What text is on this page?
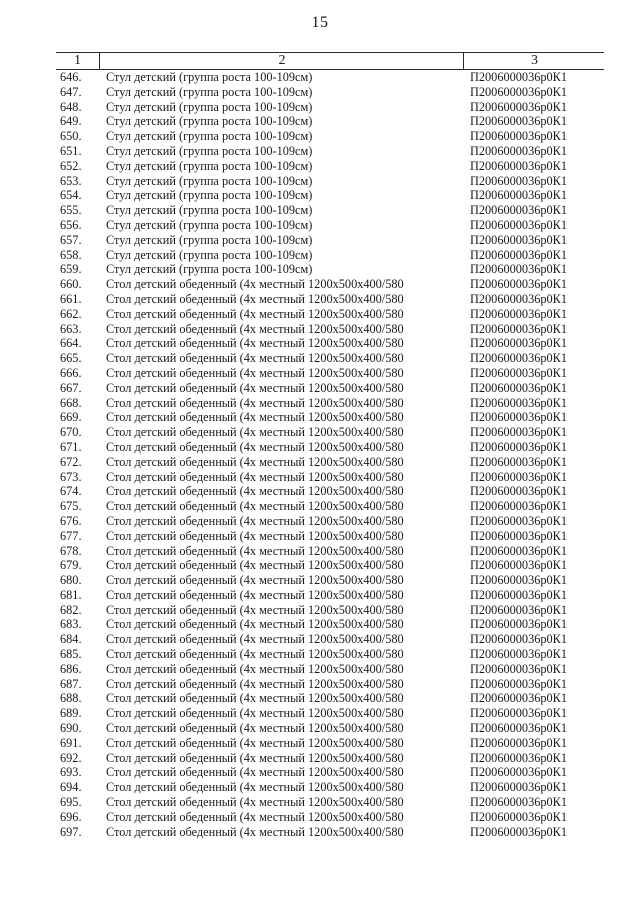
15
1	2	3
646.	Стул детский (группа роста 100-109см)	П2006000036р0К1
647.	Стул детский (группа роста 100-109см)	П2006000036р0К1
648.	Стул детский (группа роста 100-109см)	П2006000036р0К1
649.	Стул детский (группа роста 100-109см)	П2006000036р0К1
650.	Стул детский (группа роста 100-109см)	П2006000036р0К1
651.	Стул детский (группа роста 100-109см)	П2006000036р0К1
652.	Стул детский (группа роста 100-109см)	П2006000036р0К1
653.	Стул детский (группа роста 100-109см)	П2006000036р0К1
654.	Стул детский (группа роста 100-109см)	П2006000036р0К1
655.	Стул детский (группа роста 100-109см)	П2006000036р0К1
656.	Стул детский (группа роста 100-109см)	П2006000036р0К1
657.	Стул детский (группа роста 100-109см)	П2006000036р0К1
658.	Стул детский (группа роста 100-109см)	П2006000036р0К1
659.	Стул детский (группа роста 100-109см)	П2006000036р0К1
660.	Стол детский обеденный (4х местный 1200х500х400/580	П2006000036р0К1
661.	Стол детский обеденный (4х местный 1200х500х400/580	П2006000036р0К1
662.	Стол детский обеденный (4х местный 1200х500х400/580	П2006000036р0К1
663.	Стол детский обеденный (4х местный 1200х500х400/580	П2006000036р0К1
664.	Стол детский обеденный (4х местный 1200х500х400/580	П2006000036р0К1
665.	Стол детский обеденный (4х местный 1200х500х400/580	П2006000036р0К1
666.	Стол детский обеденный (4х местный 1200х500х400/580	П2006000036р0К1
667.	Стол детский обеденный (4х местный 1200х500х400/580	П2006000036р0К1
668.	Стол детский обеденный (4х местный 1200х500х400/580	П2006000036р0К1
669.	Стол детский обеденный (4х местный 1200х500х400/580	П2006000036р0К1
670.	Стол детский обеденный (4х местный 1200х500х400/580	П2006000036р0К1
671.	Стол детский обеденный (4х местный 1200х500х400/580	П2006000036р0К1
672.	Стол детский обеденный (4х местный 1200х500х400/580	П2006000036р0К1
673.	Стол детский обеденный (4х местный 1200х500х400/580	П2006000036р0К1
674.	Стол детский обеденный (4х местный 1200х500х400/580	П2006000036р0К1
675.	Стол детский обеденный (4х местный 1200х500х400/580	П2006000036р0К1
676.	Стол детский обеденный (4х местный 1200х500х400/580	П2006000036р0К1
677.	Стол детский обеденный (4х местный 1200х500х400/580	П2006000036р0К1
678.	Стол детский обеденный (4х местный 1200х500х400/580	П2006000036р0К1
679.	Стол детский обеденный (4х местный 1200х500х400/580	П2006000036р0К1
680.	Стол детский обеденный (4х местный 1200х500х400/580	П2006000036р0К1
681.	Стол детский обеденный (4х местный 1200х500х400/580	П2006000036р0К1
682.	Стол детский обеденный (4х местный 1200х500х400/580	П2006000036р0К1
683.	Стол детский обеденный (4х местный 1200х500х400/580	П2006000036р0К1
684.	Стол детский обеденный (4х местный 1200х500х400/580	П2006000036р0К1
685.	Стол детский обеденный (4х местный 1200х500х400/580	П2006000036р0К1
686.	Стол детский обеденный (4х местный 1200х500х400/580	П2006000036р0К1
687.	Стол детский обеденный (4х местный 1200х500х400/580	П2006000036р0К1
688.	Стол детский обеденный (4х местный 1200х500х400/580	П2006000036р0К1
689.	Стол детский обеденный (4х местный 1200х500х400/580	П2006000036р0К1
690.	Стол детский обеденный (4х местный 1200х500х400/580	П2006000036р0К1
691.	Стол детский обеденный (4х местный 1200х500х400/580	П2006000036р0К1
692.	Стол детский обеденный (4х местный 1200х500х400/580	П2006000036р0К1
693.	Стол детский обеденный (4х местный 1200х500х400/580	П2006000036р0К1
694.	Стол детский обеденный (4х местный 1200х500х400/580	П2006000036р0К1
695.	Стол детский обеденный (4х местный 1200х500х400/580	П2006000036р0К1
696.	Стол детский обеденный (4х местный 1200х500х400/580	П2006000036р0К1
697.	Стол детский обеденный (4х местный 1200х500х400/580	П2006000036р0К1
